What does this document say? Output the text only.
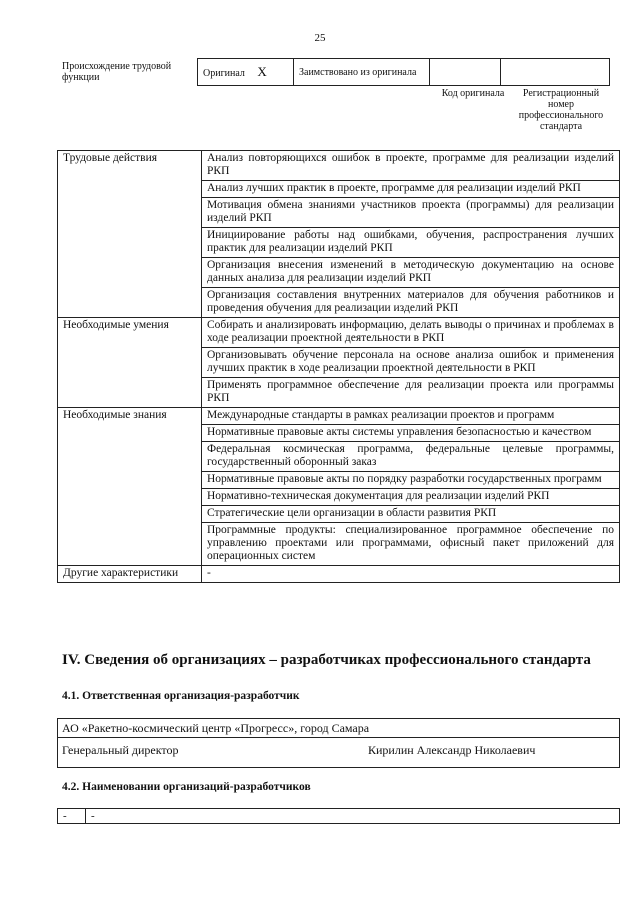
25
Происхождение трудовой функции	Оригинал X	Заимствовано из оригинала		
Код оригинала	Регистрационный номер профессионального стандарта
Трудовые действия	Анализ повторяющихся ошибок в проекте, программе для реализации изделий РКП
	Анализ лучших практик в проекте, программе для реализации изделий РКП
	Мотивация обмена знаниями участников проекта (программы) для реализации изделий РКП
	Инициирование работы над ошибками, обучения, распространения лучших практик для реализации изделий РКП
	Организация внесения изменений в методическую документацию на основе данных анализа для реализации изделий РКП
	Организация составления внутренних материалов для обучения работников и проведения обучения для реализации изделий РКП
Необходимые умения	Собирать и анализировать информацию, делать выводы о причинах и проблемах в ходе реализации проектной деятельности в РКП
	Организовывать обучение персонала на основе анализа ошибок и применения лучших практик в ходе реализации проектной деятельности в РКП
	Применять программное обеспечение для реализации проекта или программы РКП
Необходимые знания	Международные стандарты в рамках реализации проектов и программ
	Нормативные правовые акты системы управления безопасностью и качеством
	Федеральная космическая программа, федеральные целевые программы, государственный оборонный заказ
	Нормативные правовые акты по порядку разработки государственных программ
	Нормативно-техническая документация для реализации изделий РКП
	Стратегические цели организации в области развития РКП
	Программные продукты: специализированное программное обеспечение по управлению проектами или программами, офисный пакет приложений для операционных систем
Другие характеристики	-
IV. Сведения об организациях – разработчиках профессионального стандарта
4.1. Ответственная организация-разработчик
АО «Ракетно-космический центр «Прогресс», город Самара
Генеральный директор	Кирилин Александр Николаевич
4.2. Наименовании организаций-разработчиков
-	-
